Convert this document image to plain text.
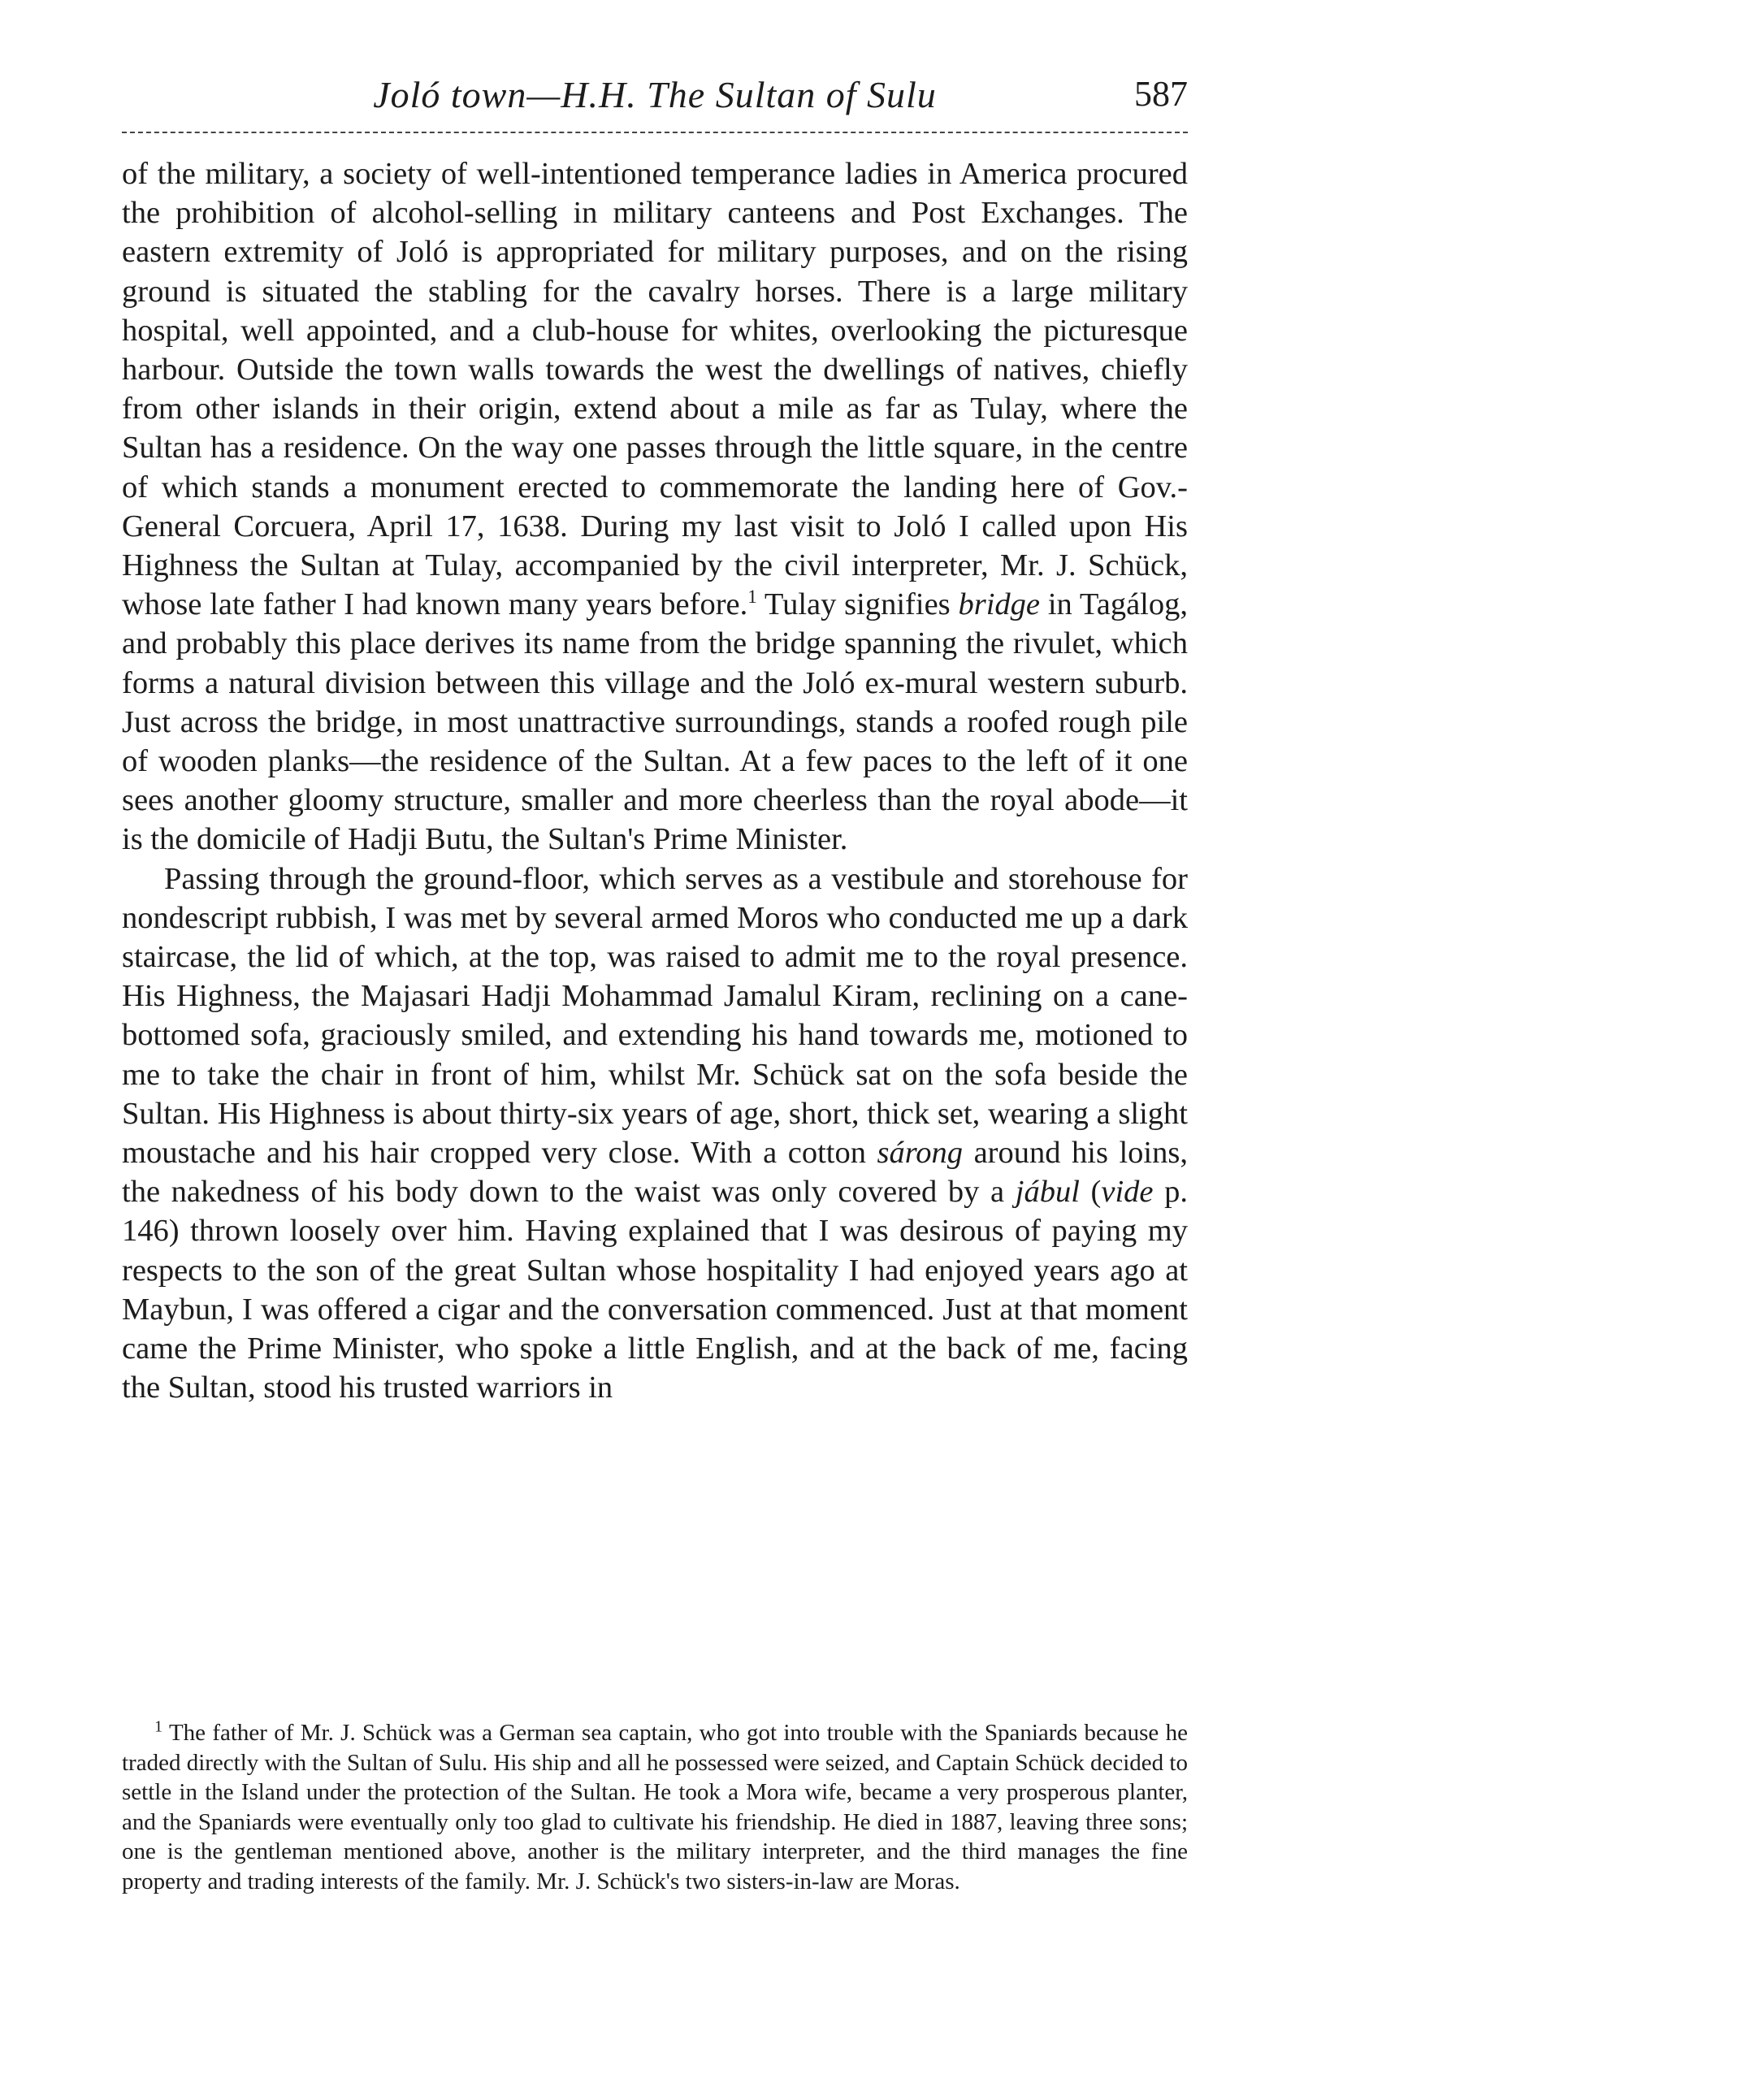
Joló town—H.H. The Sultan of Sulu	587

of the military, a society of well-intentioned temperance ladies in America procured the prohibition of alcohol-selling in military canteens and Post Exchanges. The eastern extremity of Joló is appropriated for military purposes, and on the rising ground is situated the stabling for the cavalry horses. There is a large military hospital, well appointed, and a club-house for whites, overlooking the picturesque harbour. Outside the town walls towards the west the dwellings of natives, chiefly from other islands in their origin, extend about a mile as far as Tulay, where the Sultan has a residence. On the way one passes through the little square, in the centre of which stands a monument erected to commemorate the landing here of Gov.-General Corcuera, April 17, 1638. During my last visit to Joló I called upon His Highness the Sultan at Tulay, accompanied by the civil interpreter, Mr. J. Schück, whose late father I had known many years before.$^1$ Tulay signifies bridge in Tagálog, and probably this place derives its name from the bridge spanning the rivulet, which forms a natural division between this village and the Joló ex-mural western suburb. Just across the bridge, in most unattractive surroundings, stands a roofed rough pile of wooden planks—the residence of the Sultan. At a few paces to the left of it one sees another gloomy structure, smaller and more cheerless than the royal abode—it is the domicile of Hadji Butu, the Sultan's Prime Minister.

Passing through the ground-floor, which serves as a vestibule and storehouse for nondescript rubbish, I was met by several armed Moros who conducted me up a dark staircase, the lid of which, at the top, was raised to admit me to the royal presence. His Highness, the Majasari Hadji Mohammad Jamalul Kiram, reclining on a cane-bottomed sofa, graciously smiled, and extending his hand towards me, motioned to me to take the chair in front of him, whilst Mr. Schück sat on the sofa beside the Sultan. His Highness is about thirty-six years of age, short, thick set, wearing a slight moustache and his hair cropped very close. With a cotton sárong around his loins, the nakedness of his body down to the waist was only covered by a jábul (vide p. 146) thrown loosely over him. Having explained that I was desirous of paying my respects to the son of the great Sultan whose hospitality I had enjoyed years ago at Maybun, I was offered a cigar and the conversation commenced. Just at that moment came the Prime Minister, who spoke a little English, and at the back of me, facing the Sultan, stood his trusted warriors in

$^1$ The father of Mr. J. Schück was a German sea captain, who got into trouble with the Spaniards because he traded directly with the Sultan of Sulu. His ship and all he possessed were seized, and Captain Schück decided to settle in the Island under the protection of the Sultan. He took a Mora wife, became a very prosperous planter, and the Spaniards were eventually only too glad to cultivate his friendship. He died in 1887, leaving three sons; one is the gentleman mentioned above, another is the military interpreter, and the third manages the fine property and trading interests of the family. Mr. J. Schück's two sisters-in-law are Moras.
